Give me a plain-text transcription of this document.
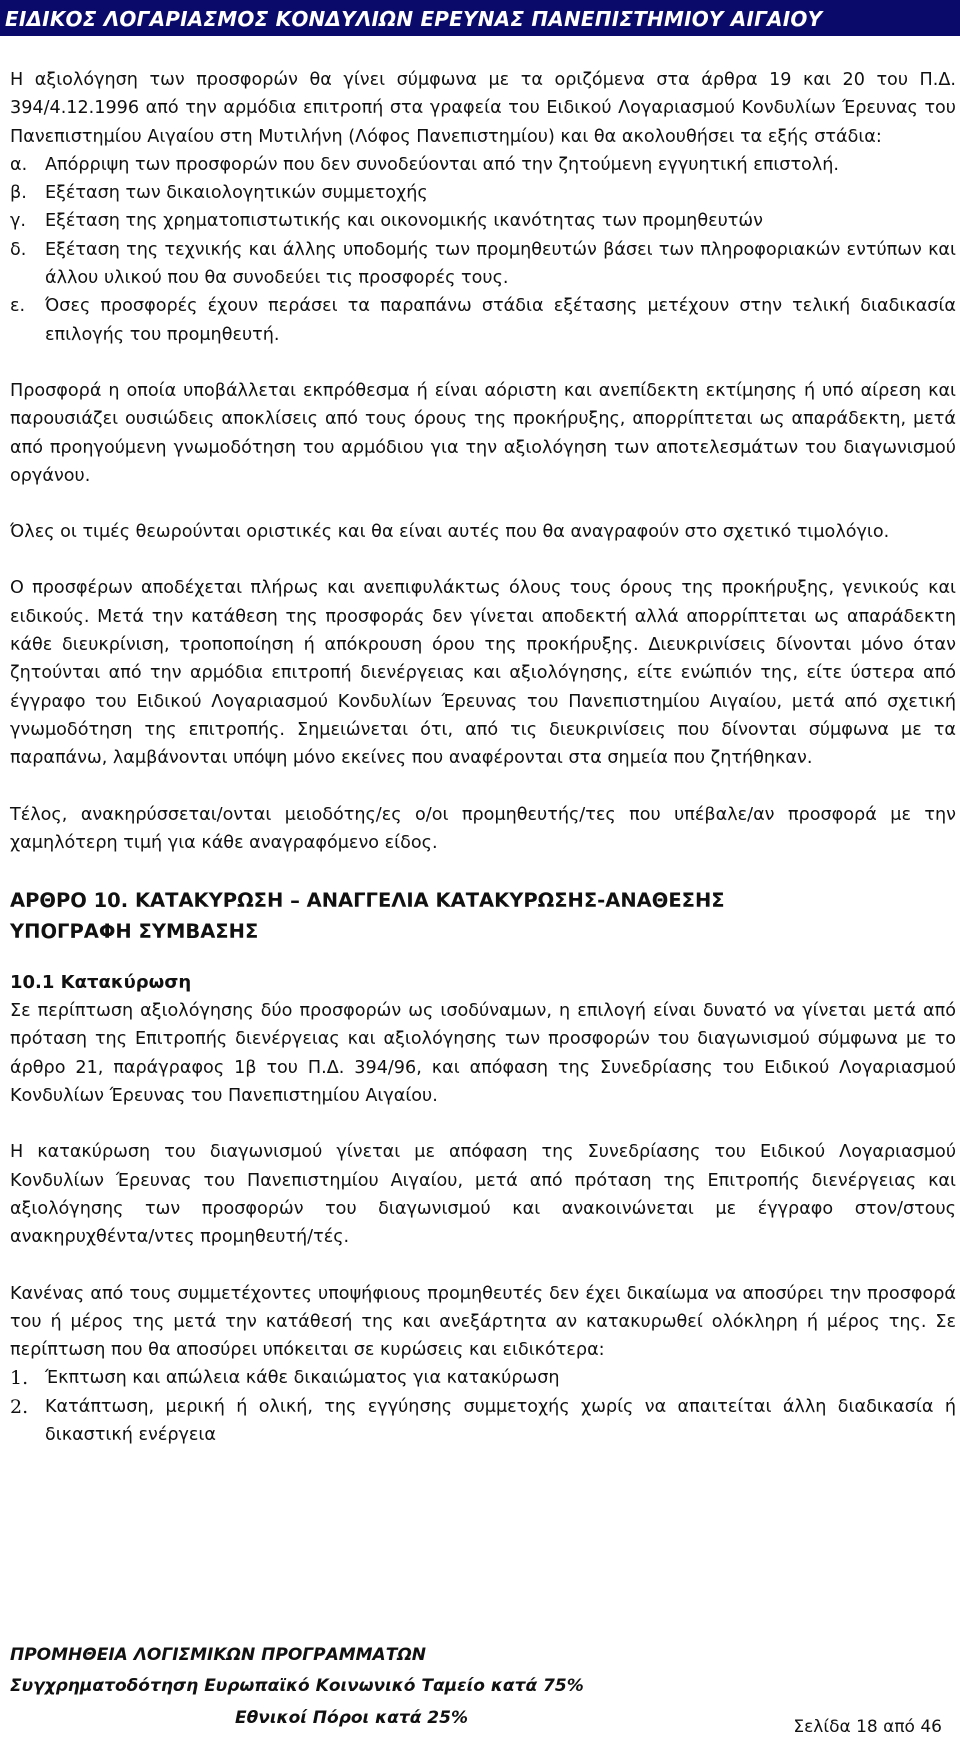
ΕΙΔΙΚΟΣ ΛΟΓΑΡΙΑΣΜΟΣ ΚΟΝΔΥΛΙΩΝ ΕΡΕΥΝΑΣ ΠΑΝΕΠΙΣΤΗΜΙΟΥ ΑΙΓΑΙΟΥ

Η αξιολόγηση των προσφορών θα γίνει σύμφωνα με τα οριζόμενα στα άρθρα 19 και 20 του Π.Δ. 394/4.12.1996 από την αρμόδια επιτροπή στα γραφεία του Ειδικού Λογαριασμού Κονδυλίων Έρευνας του Πανεπιστημίου Αιγαίου στη Μυτιλήνη (Λόφος Πανεπιστημίου) και θα ακολουθήσει τα εξής στάδια:

α.	Απόρριψη των προσφορών που δεν συνοδεύονται από την ζητούμενη εγγυητική επιστολή.
β.	Εξέταση των δικαιολογητικών συμμετοχής
γ.	Εξέταση της χρηματοπιστωτικής και οικονομικής ικανότητας των προμηθευτών
δ.	Εξέταση της τεχνικής και άλλης υποδομής των προμηθευτών βάσει των πληροφοριακών εντύπων και άλλου υλικού που θα συνοδεύει τις προσφορές τους.
ε.	Όσες προσφορές έχουν περάσει τα παραπάνω στάδια εξέτασης μετέχουν στην τελική διαδικασία επιλογής του προμηθευτή.

Προσφορά η οποία υποβάλλεται εκπρόθεσμα ή είναι αόριστη και ανεπίδεκτη εκτίμησης ή υπό αίρεση και παρουσιάζει ουσιώδεις αποκλίσεις από τους όρους της προκήρυξης, απορρίπτεται ως απαράδεκτη, μετά από προηγούμενη γνωμοδότηση του αρμόδιου για την αξιολόγηση των αποτελεσμάτων του διαγωνισμού οργάνου.

Όλες οι τιμές θεωρούνται οριστικές και θα είναι αυτές που θα αναγραφούν στο σχετικό τιμολόγιο.

Ο προσφέρων αποδέχεται πλήρως και ανεπιφυλάκτως όλους τους όρους της προκήρυξης, γενικούς και ειδικούς. Μετά την κατάθεση της προσφοράς δεν γίνεται αποδεκτή αλλά απορρίπτεται ως απαράδεκτη κάθε διευκρίνιση, τροποποίηση ή απόκρουση όρου της προκήρυξης. Διευκρινίσεις δίνονται μόνο όταν ζητούνται από την αρμόδια επιτροπή διενέργειας και αξιολόγησης, είτε ενώπιόν της, είτε ύστερα από έγγραφο του Ειδικού Λογαριασμού Κονδυλίων Έρευνας του Πανεπιστημίου Αιγαίου, μετά από σχετική γνωμοδότηση της επιτροπής. Σημειώνεται ότι, από τις διευκρινίσεις που δίνονται σύμφωνα με τα παραπάνω, λαμβάνονται υπόψη μόνο εκείνες που αναφέρονται στα σημεία που ζητήθηκαν.

Τέλος, ανακηρύσσεται/ονται μειοδότης/ες ο/οι προμηθευτής/τες που υπέβαλε/αν προσφορά με την χαμηλότερη τιμή για κάθε αναγραφόμενο είδος.

ΑΡΘΡΟ 10. ΚΑΤΑΚΥΡΩΣΗ – ΑΝΑΓΓΕΛΙΑ ΚΑΤΑΚΥΡΩΣΗΣ-ΑΝΑΘΕΣΗΣ
ΥΠΟΓΡΑΦΗ ΣΥΜΒΑΣΗΣ
10.1 Κατακύρωση

Σε περίπτωση αξιολόγησης δύο προσφορών ως ισοδύναμων, η επιλογή είναι δυνατό να γίνεται μετά από πρόταση της Επιτροπής διενέργειας και αξιολόγησης των προσφορών του διαγωνισμού σύμφωνα με το άρθρο 21, παράγραφος 1β του Π.Δ. 394/96, και απόφαση της Συνεδρίασης του Ειδικού Λογαριασμού Κονδυλίων Έρευνας του Πανεπιστημίου Αιγαίου.

Η κατακύρωση του διαγωνισμού γίνεται με απόφαση της Συνεδρίασης του Ειδικού Λογαριασμού Κονδυλίων Έρευνας του Πανεπιστημίου Αιγαίου, μετά από πρόταση της Επιτροπής διενέργειας και αξιολόγησης των προσφορών του διαγωνισμού και ανακοινώνεται με έγγραφο στον/στους ανακηρυχθέντα/ντες προμηθευτή/τές.

Κανένας από τους συμμετέχοντες υποψήφιους προμηθευτές δεν έχει δικαίωμα να αποσύρει την προσφορά του ή μέρος της μετά την κατάθεσή της και ανεξάρτητα αν κατακυρωθεί ολόκληρη ή μέρος της. Σε περίπτωση που θα αποσύρει υπόκειται σε κυρώσεις και ειδικότερα:

1. Έκπτωση και απώλεια κάθε δικαιώματος για κατακύρωση
2. Κατάπτωση, μερική ή ολική, της εγγύησης συμμετοχής χωρίς να απαιτείται άλλη διαδικασία ή δικαστική ενέργεια
ΠΡΟΜΗΘΕΙΑ ΛΟΓΙΣΜΙΚΩΝ ΠΡΟΓΡΑΜΜΑΤΩΝ
Συγχρηματοδότηση Ευρωπαϊκό Κοινωνικό Ταμείο κατά 75%
Εθνικοί Πόροι κατά 25%	Σελίδα 18 από 46
